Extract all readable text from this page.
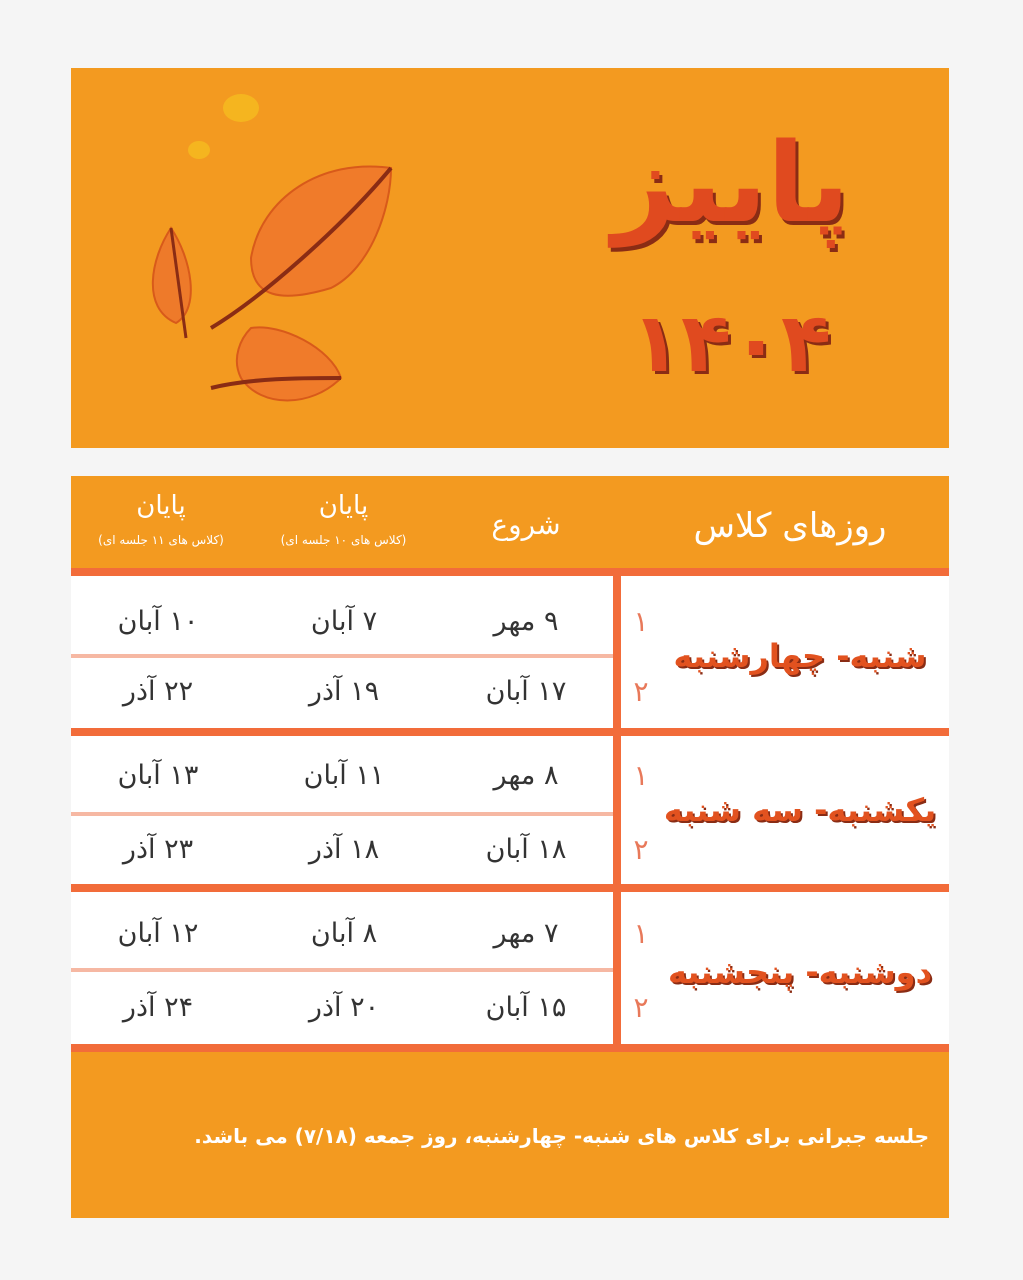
پاییز
۱۴۰۴
روزهای کلاس
شروع
پایان
(کلاس های ۱۰ جلسه ای)
پایان
(کلاس های ۱۱ جلسه ای)
شنبه- چهارشنبه
۱
۹ مهر
۷ آبان
۱۰ آبان
۲
۱۷ آبان
۱۹ آذر
۲۲ آذر
یکشنبه- سه شنبه
۱
۸ مهر
۱۱ آبان
۱۳ آبان
۲
۱۸ آبان
۱۸ آذر
۲۳ آذر
دوشنبه- پنجشنبه
۱
۷ مهر
۸ آبان
۱۲ آبان
۲
۱۵ آبان
۲۰ آذر
۲۴ آذر
جلسه جبرانی برای کلاس های شنبه- چهارشنبه، روز جمعه (۷/۱۸) می باشد.
